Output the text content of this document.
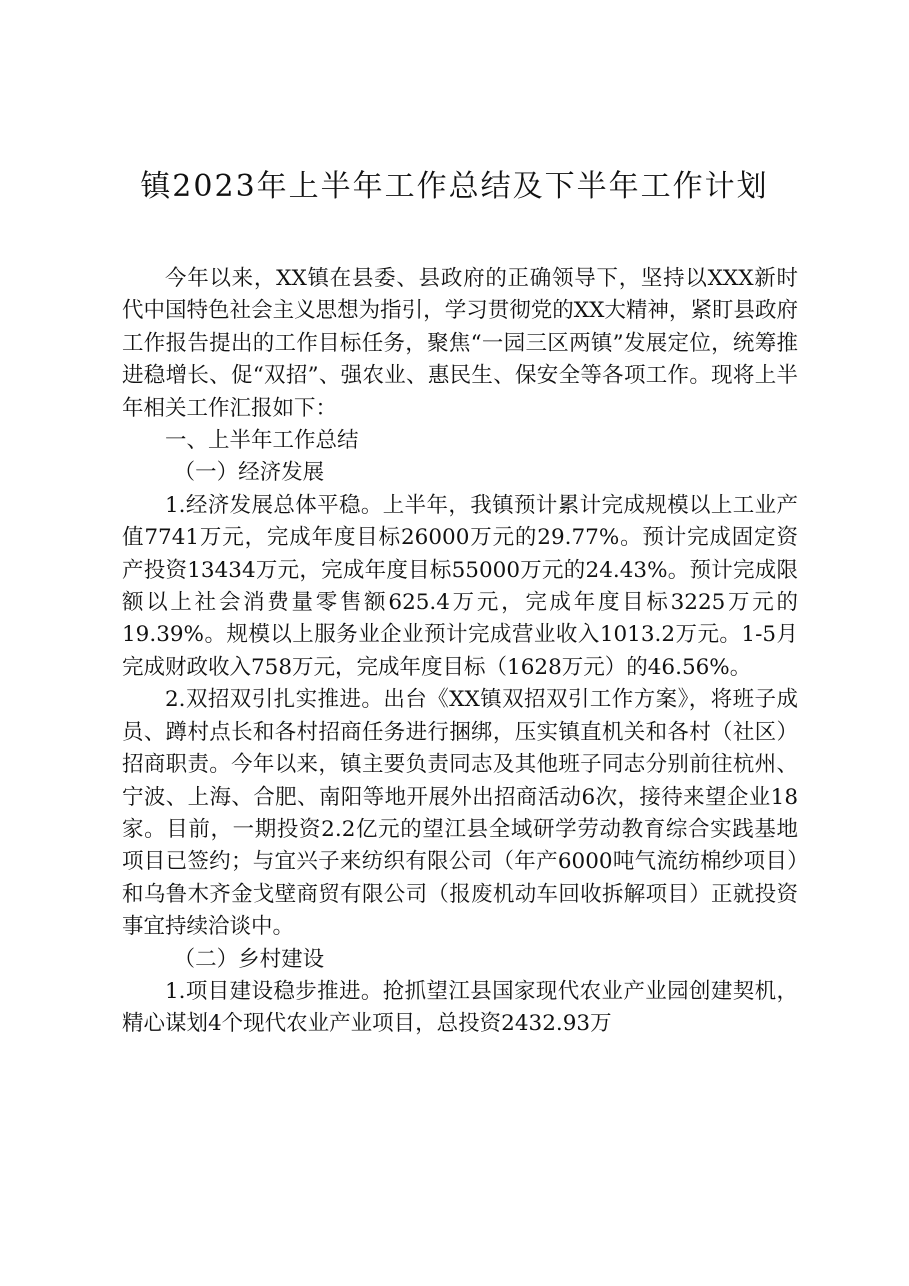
镇2023年上半年工作总结及下半年工作计划

今年以来，XX镇在县委、县政府的正确领导下，坚持以XXX新时代中国特色社会主义思想为指引，学习贯彻党的XX大精神，紧盯县政府工作报告提出的工作目标任务，聚焦“一园三区两镇”发展定位，统筹推进稳增长、促“双招”、强农业、惠民生、保安全等各项工作。现将上半年相关工作汇报如下：

一、上半年工作总结

（一）经济发展

1.经济发展总体平稳。上半年，我镇预计累计完成规模以上工业产值7741万元，完成年度目标26000万元的29.77%。预计完成固定资产投资13434万元，完成年度目标55000万元的24.43%。预计完成限额以上社会消费量零售额625.4万元，完成年度目标3225万元的19.39%。规模以上服务业企业预计完成营业收入1013.2万元。1-5月完成财政收入758万元，完成年度目标（1628万元）的46.56%。

2.双招双引扎实推进。出台《XX镇双招双引工作方案》，将班子成员、蹲村点长和各村招商任务进行捆绑，压实镇直机关和各村（社区）招商职责。今年以来，镇主要负责同志及其他班子同志分别前往杭州、宁波、上海、合肥、南阳等地开展外出招商活动6次，接待来望企业18家。目前，一期投资2.2亿元的望江县全域研学劳动教育综合实践基地项目已签约；与宜兴子来纺织有限公司（年产6000吨气流纺棉纱项目）和乌鲁木齐金戈壁商贸有限公司（报废机动车回收拆解项目）正就投资事宜持续洽谈中。

（二）乡村建设

1.项目建设稳步推进。抢抓望江县国家现代农业产业园创建契机，精心谋划4个现代农业产业项目，总投资2432.93万
